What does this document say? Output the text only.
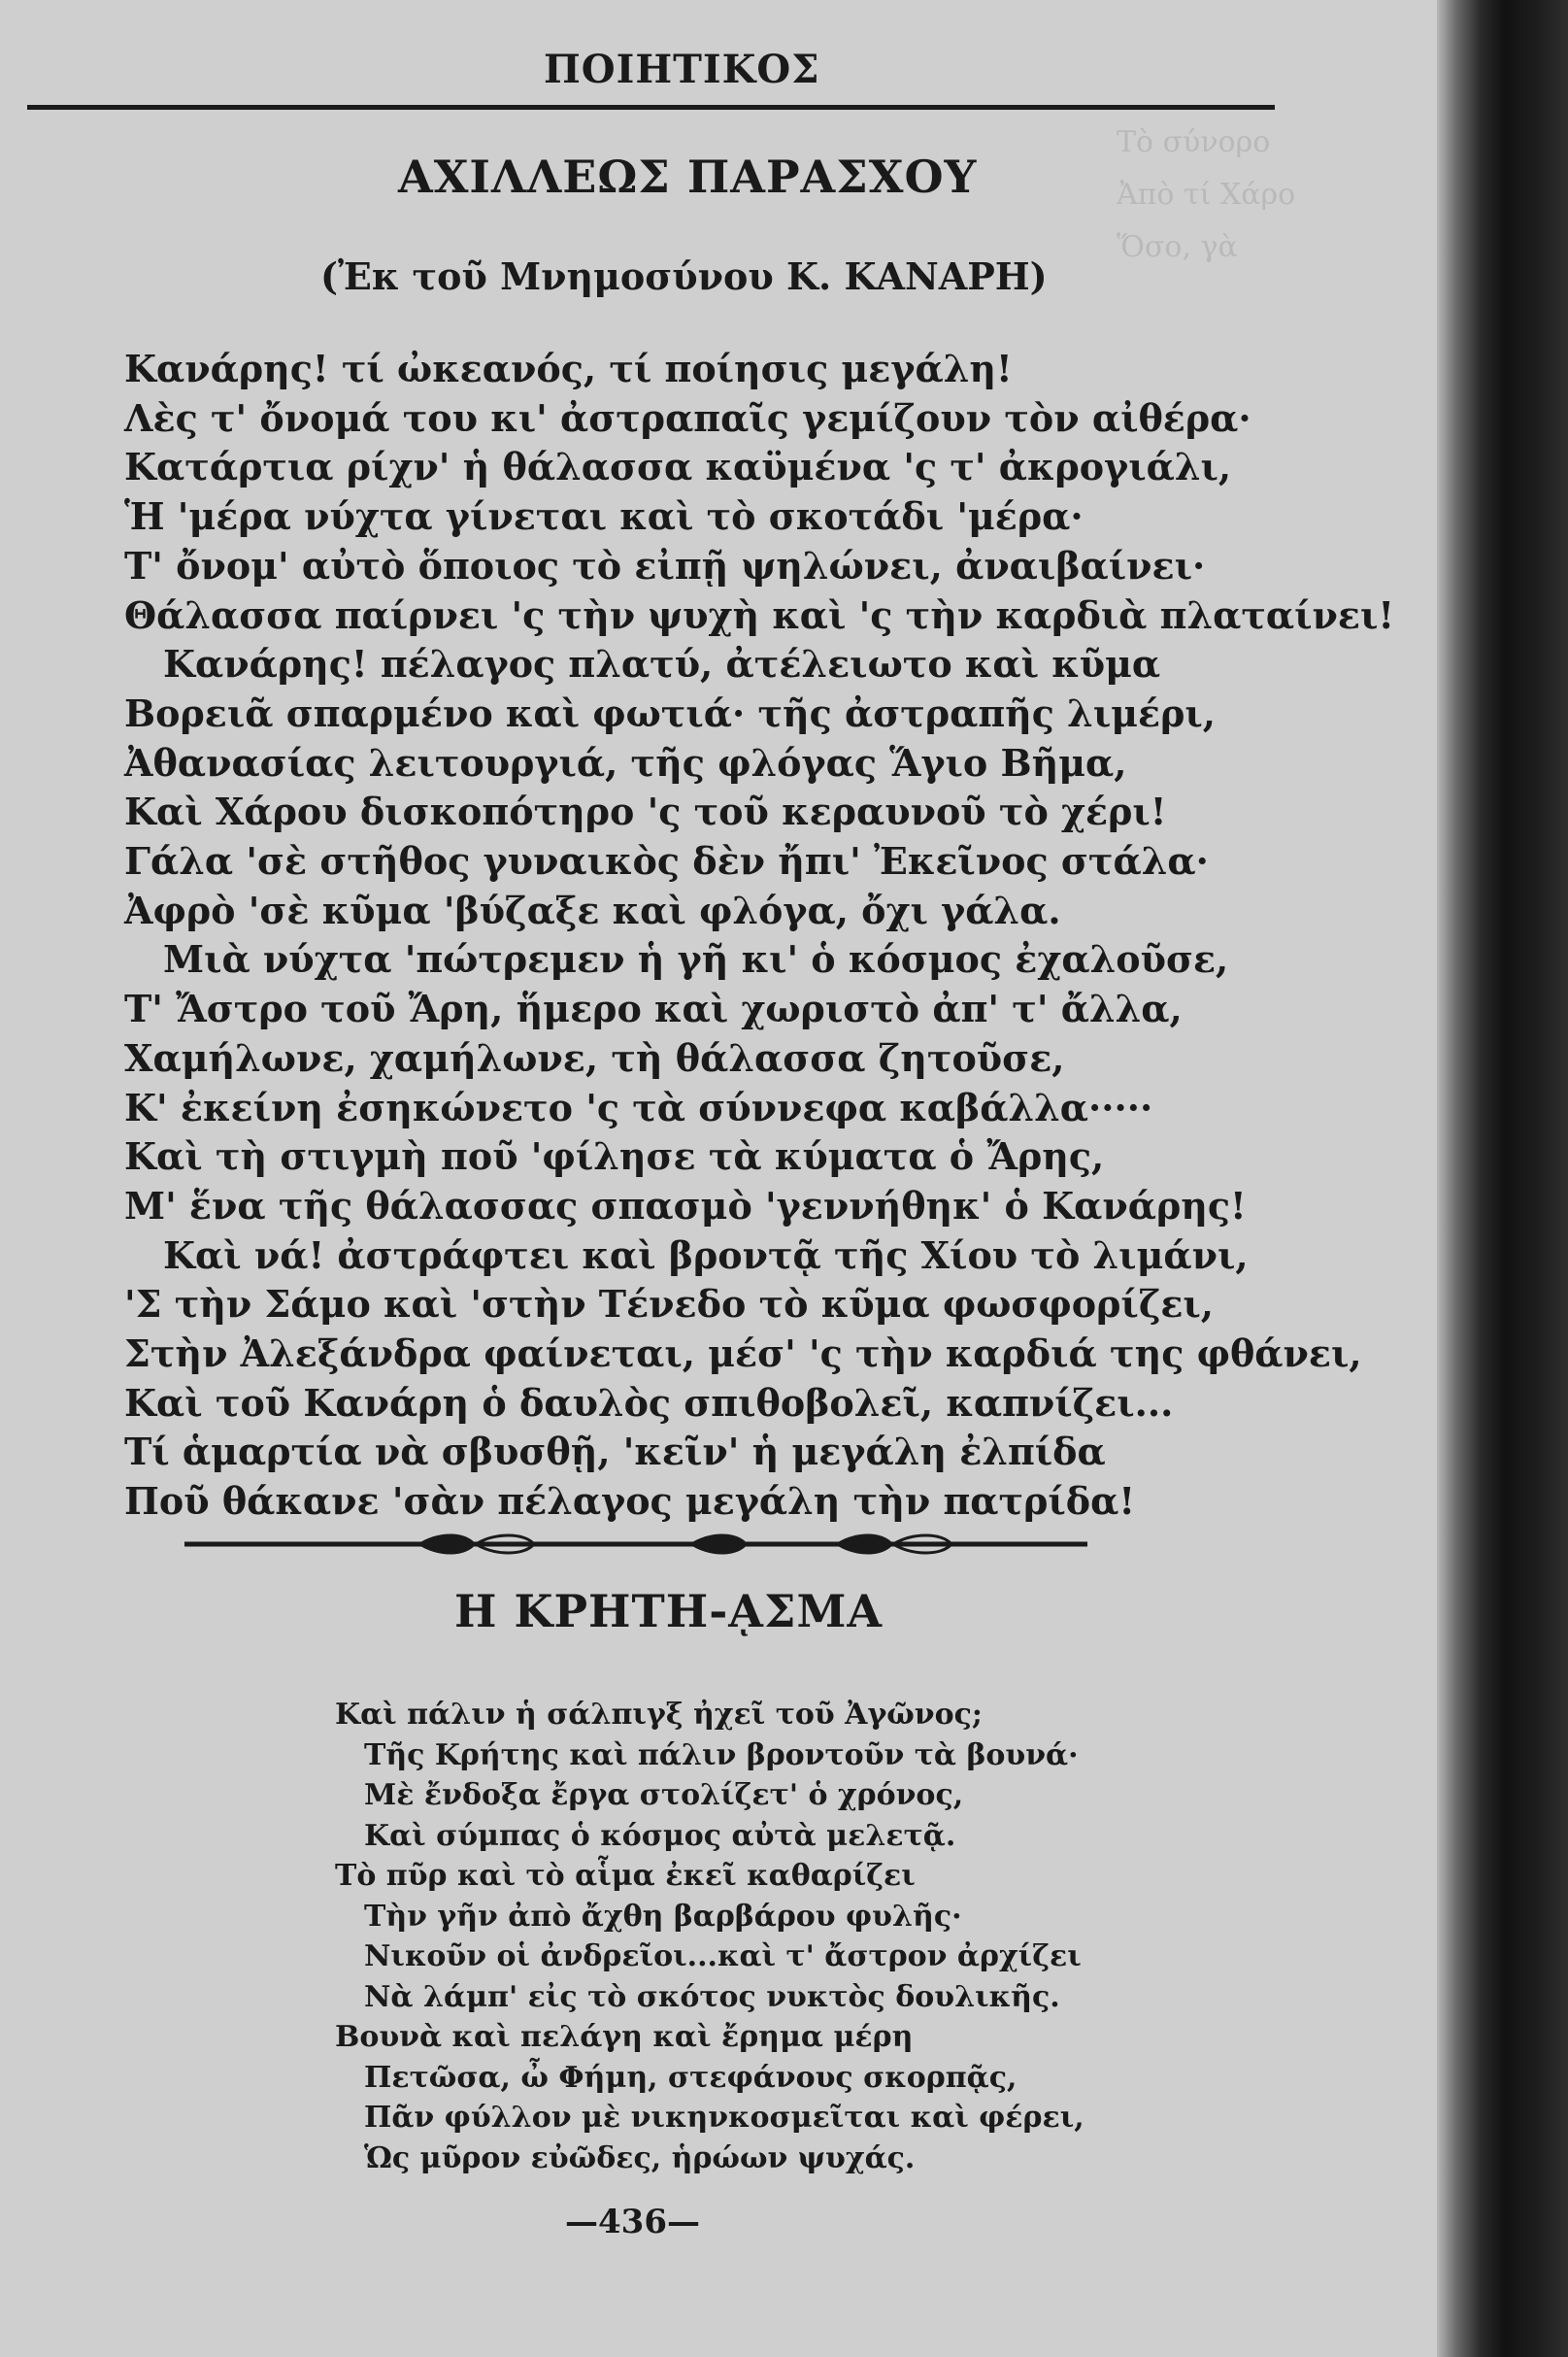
Τὸ σύνορο
Ἀπὸ τί Χάρο
Ὅσο, γὰ
ΠΟΙΗΤΙΚΟΣ
ΑΧΙΛΛΕΩΣ ΠΑΡΑΣΧΟΥ
(Ἐκ τοῦ Μνημοσύνου Κ. ΚΑΝΑΡΗ)
Κανάρης! τί ὠκεανός, τί ποίησις μεγάλη!
Λὲς τ' ὄνομά του κι' ἀστραπαῖς γεμίζουν τὸν αἰθέρα·
Κατάρτια ρίχν' ἡ θάλασσα καϋμένα 'ς τ' ἀκρογιάλι,
Ἡ 'μέρα νύχτα γίνεται καὶ τὸ σκοτάδι 'μέρα·
Τ' ὄνομ' αὐτὸ ὅποιος τὸ εἰπῇ ψηλώνει, ἀναιβαίνει·
Θάλασσα παίρνει 'ς τὴν ψυχὴ καὶ 'ς τὴν καρδιὰ πλαταίνει!
Κανάρης! πέλαγος πλατύ, ἀτέλειωτο καὶ κῦμα
Βορειᾶ σπαρμένο καὶ φωτιά· τῆς ἀστραπῆς λιμέρι,
Ἀθανασίας λειτουργιά, τῆς φλόγας Ἅγιο Βῆμα,
Καὶ Χάρου δισκοπότηρο 'ς τοῦ κεραυνοῦ τὸ χέρι!
Γάλα 'σὲ στῆθος γυναικὸς δὲν ἤπι' Ἐκεῖνος στάλα·
Ἀφρὸ 'σὲ κῦμα 'βύζαξε καὶ φλόγα, ὄχι γάλα.
Μιὰ νύχτα 'πώτρεμεν ἡ γῆ κι' ὁ κόσμος ἐχαλοῦσε,
Τ' Ἄστρο τοῦ Ἄρη, ἥμερο καὶ χωριστὸ ἀπ' τ' ἄλλα,
Χαμήλωνε, χαμήλωνε, τὴ θάλασσα ζητοῦσε,
Κ' ἐκείνη ἐσηκώνετο 'ς τὰ σύννεφα καβάλλα·····
Καὶ τὴ στιγμὴ ποῦ 'φίλησε τὰ κύματα ὁ Ἄρης,
Μ' ἕνα τῆς θάλασσας σπασμὸ 'γεννήθηκ' ὁ Κανάρης!
Καὶ νά! ἀστράφτει καὶ βροντᾷ τῆς Χίου τὸ λιμάνι,
'Σ τὴν Σάμο καὶ 'στὴν Τένεδο τὸ κῦμα φωσφορίζει,
Στὴν Ἀλεξάνδρα φαίνεται, μέσ' 'ς τὴν καρδιά της φθάνει,
Καὶ τοῦ Κανάρη ὁ δαυλὸς σπιθοβολεῖ, καπνίζει...
Τί ἁμαρτία νὰ σβυσθῇ, 'κεῖν' ἡ μεγάλη ἐλπίδα
Ποῦ θάκανε 'σὰν πέλαγος μεγάλη τὴν πατρίδα!
Η ΚΡΗΤΗ-ᾼΣΜΑ
Καὶ πάλιν ἡ σάλπιγξ ἠχεῖ τοῦ Ἀγῶνος;
Τῆς Κρήτης καὶ πάλιν βροντοῦν τὰ βουνά·
Μὲ ἔνδοξα ἔργα στολίζετ' ὁ χρόνος,
Καὶ σύμπας ὁ κόσμος αὐτὰ μελετᾷ.
Τὸ πῦρ καὶ τὸ αἷμα ἐκεῖ καθαρίζει
Τὴν γῆν ἀπὸ ἄχθη βαρβάρου φυλῆς·
Νικοῦν οἱ ἀνδρεῖοι...καὶ τ' ἄστρον ἀρχίζει
Νὰ λάμπ' εἰς τὸ σκότος νυκτὸς δουλικῆς.
Βουνὰ καὶ πελάγη καὶ ἔρημα μέρη
Πετῶσα, ὦ Φήμη, στεφάνους σκορπᾷς,
Πᾶν φύλλον μὲ νικηνκοσμεῖται καὶ φέρει,
Ὡς μῦρον εὐῶδες, ἡρώων ψυχάς.
—436—
